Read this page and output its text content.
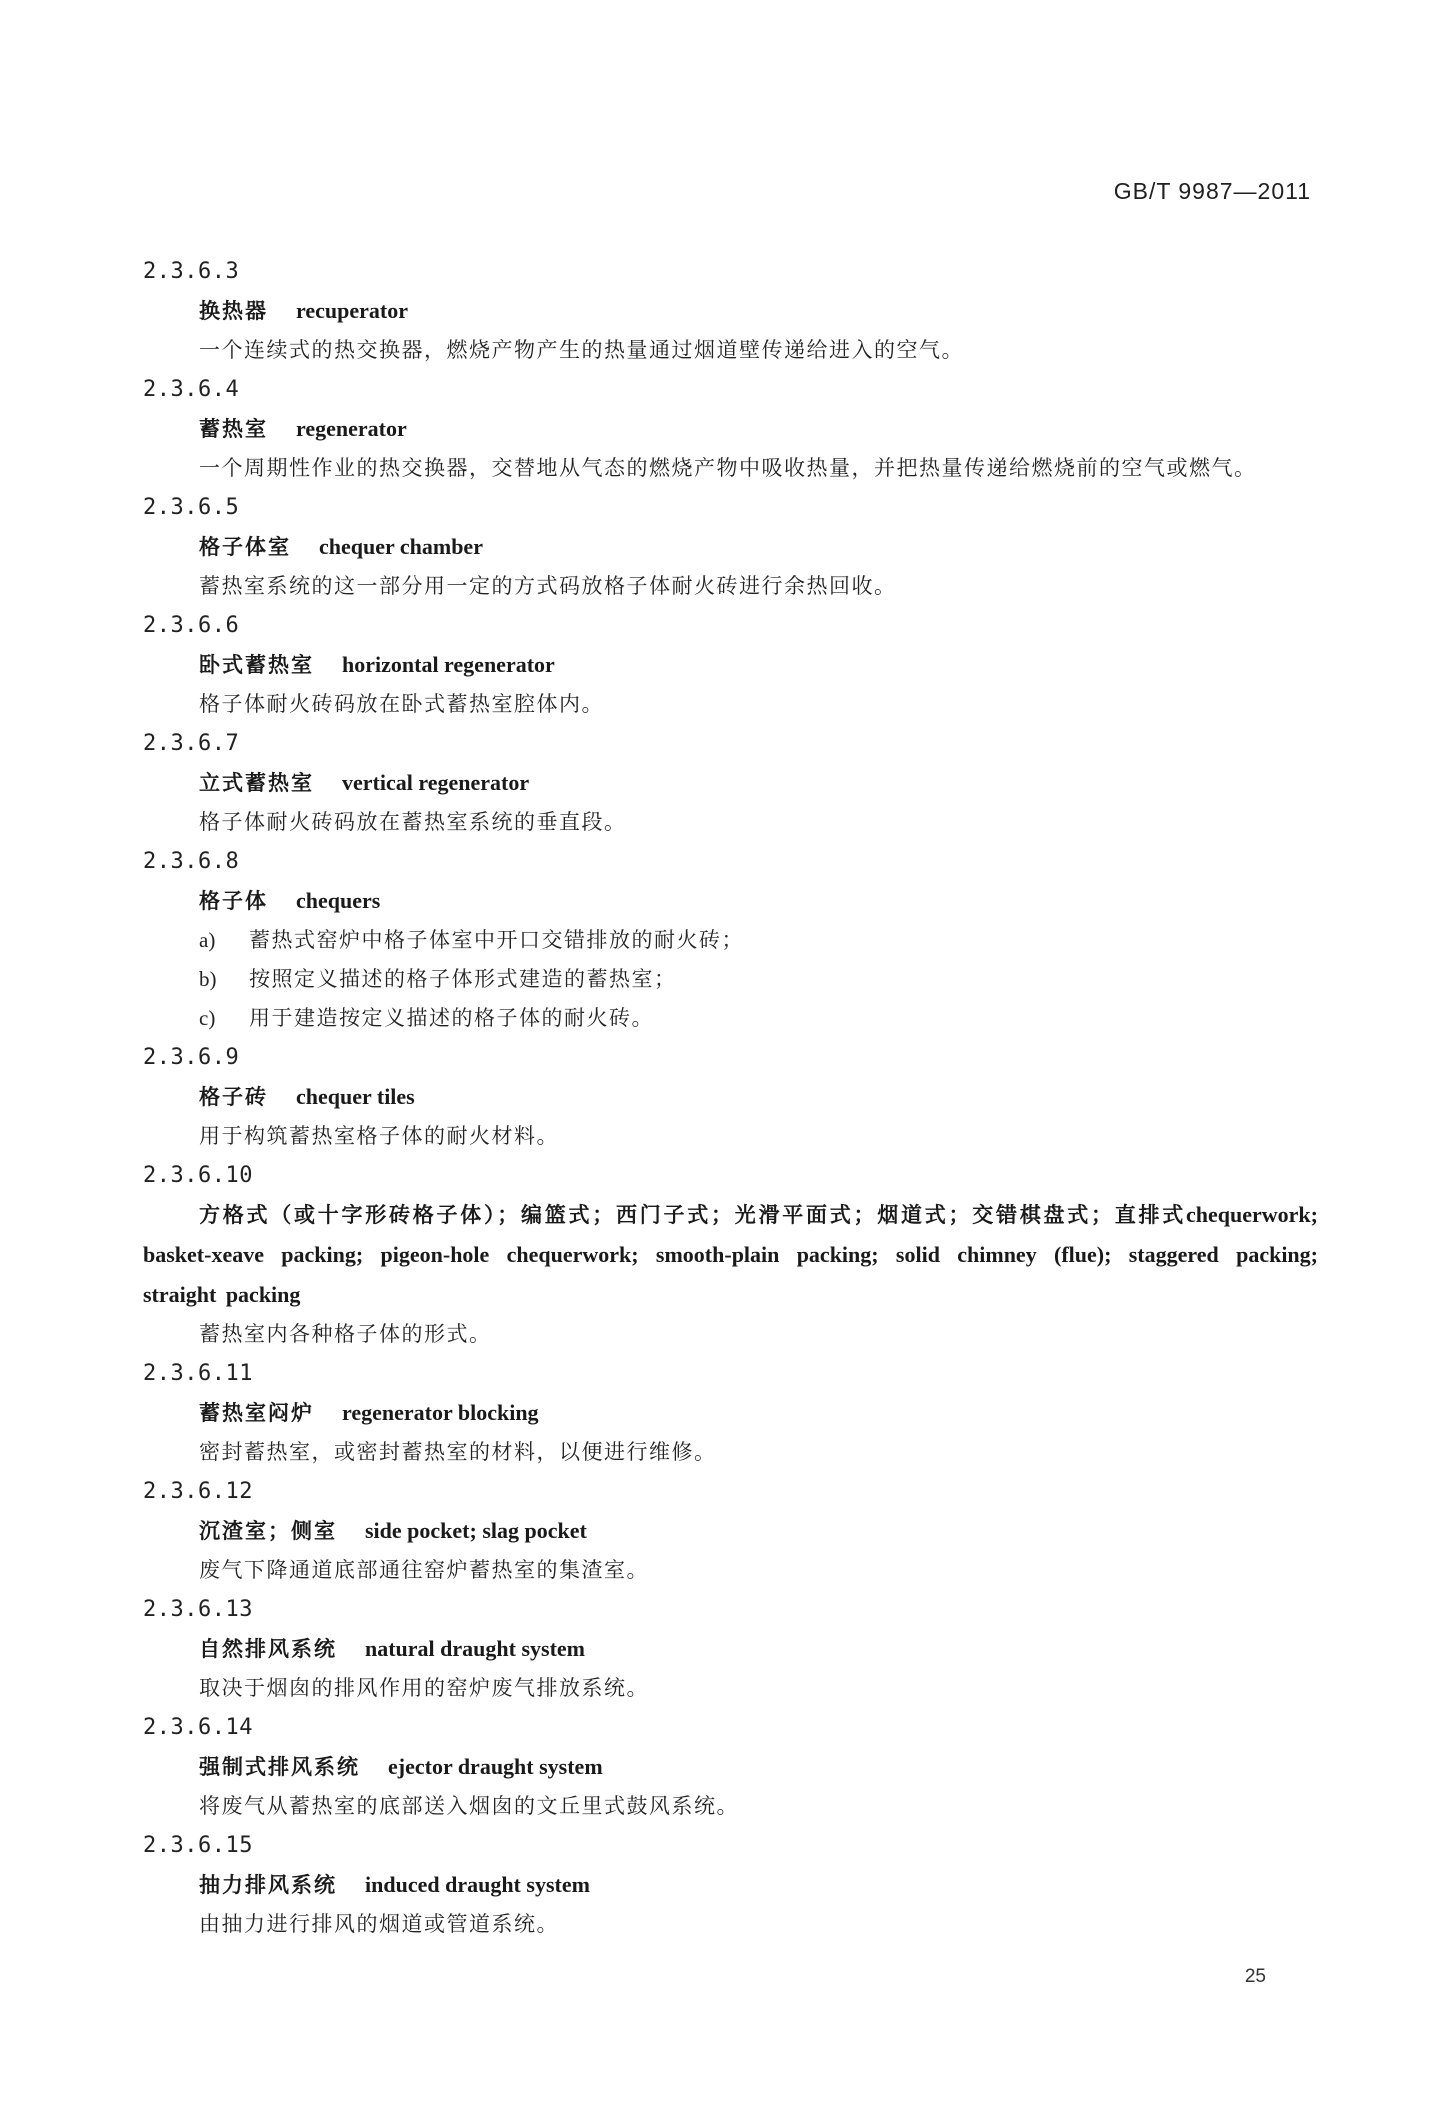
GB/T 9987—2011
2.3.6.3
换热器 recuperator
一个连续式的热交换器，燃烧产物产生的热量通过烟道壁传递给进入的空气。
2.3.6.4
蓄热室 regenerator
一个周期性作业的热交换器，交替地从气态的燃烧产物中吸收热量，并把热量传递给燃烧前的空气或燃气。
2.3.6.5
格子体室 chequer chamber
蓄热室系统的这一部分用一定的方式码放格子体耐火砖进行余热回收。
2.3.6.6
卧式蓄热室 horizontal regenerator
格子体耐火砖码放在卧式蓄热室腔体内。
2.3.6.7
立式蓄热室 vertical regenerator
格子体耐火砖码放在蓄热室系统的垂直段。
2.3.6.8
格子体 chequers
a) 蓄热式窑炉中格子体室中开口交错排放的耐火砖；
b) 按照定义描述的格子体形式建造的蓄热室；
c) 用于建造按定义描述的格子体的耐火砖。
2.3.6.9
格子砖 chequer tiles
用于构筑蓄热室格子体的耐火材料。
2.3.6.10
方格式（或十字形砖格子体）；编篮式；西门子式；光滑平面式；烟道式；交错棋盘式；直排式chequerwork; basket-xeave packing; pigeon-hole chequerwork; smooth-plain packing; solid chimney (flue); staggered packing; straight packing
蓄热室内各种格子体的形式。
2.3.6.11
蓄热室闷炉 regenerator blocking
密封蓄热室，或密封蓄热室的材料，以便进行维修。
2.3.6.12
沉渣室；侧室 side pocket; slag pocket
废气下降通道底部通往窑炉蓄热室的集渣室。
2.3.6.13
自然排风系统 natural draught system
取决于烟囱的排风作用的窑炉废气排放系统。
2.3.6.14
强制式排风系统 ejector draught system
将废气从蓄热室的底部送入烟囱的文丘里式鼓风系统。
2.3.6.15
抽力排风系统 induced draught system
由抽力进行排风的烟道或管道系统。
25
